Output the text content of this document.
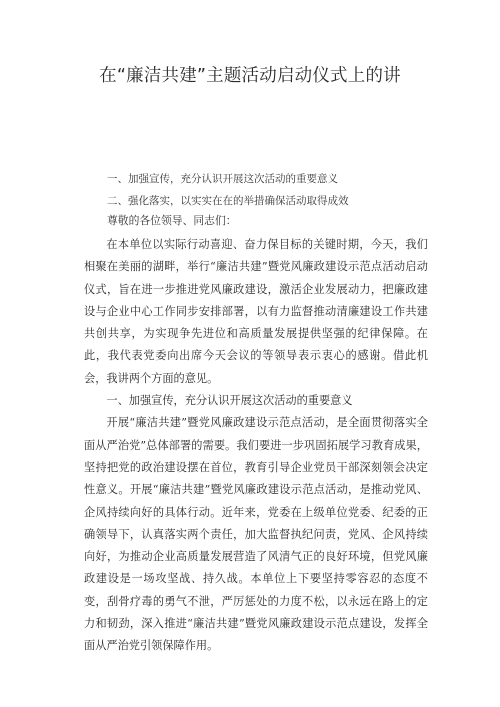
在“廉洁共建”主题活动启动仪式上的讲
一、加强宣传，充分认识开展这次活动的重要意义
二、强化落实，以实实在在的举措确保活动取得成效
尊敬的各位领导、同志们：

在本单位以实际行动喜迎、奋力保目标的关键时期，今天，我们相聚在美丽的湖畔，举行“廉洁共建”暨党风廉政建设示范点活动启动仪式，旨在进一步推进党风廉政建设，激活企业发展动力，把廉政建设与企业中心工作同步安排部署，以有力监督推动清廉建设工作共建共创共享，为实现争先进位和高质量发展提供坚强的纪律保障。在此，我代表党委向出席今天会议的等领导表示衷心的感谢。借此机会，我讲两个方面的意见。

一、加强宣传，充分认识开展这次活动的重要意义

开展“廉洁共建”暨党风廉政建设示范点活动，是全面贯彻落实全面从严治党”总体部署的需要。我们要进一步巩固拓展学习教育成果，坚持把党的政治建设摆在首位，教育引导企业党员干部深刻领会决定性意义。开展“廉洁共建”暨党风廉政建设示范点活动，是推动党风、企风持续向好的具体行动。近年来，党委在上级单位党委、纪委的正确领导下，认真落实两个责任，加大监督执纪问责，党风、企风持续向好，为推动企业高质量发展营造了风清气正的良好环境，但党风廉政建设是一场攻坚战、持久战。本单位上下要坚持零容忍的态度不变，刮骨疗毒的勇气不泄，严厉惩处的力度不松，以永远在路上的定力和韧劲，深入推进“廉洁共建”暨党风廉政建设示范点建设，发挥全面从严治党引领保障作用。
